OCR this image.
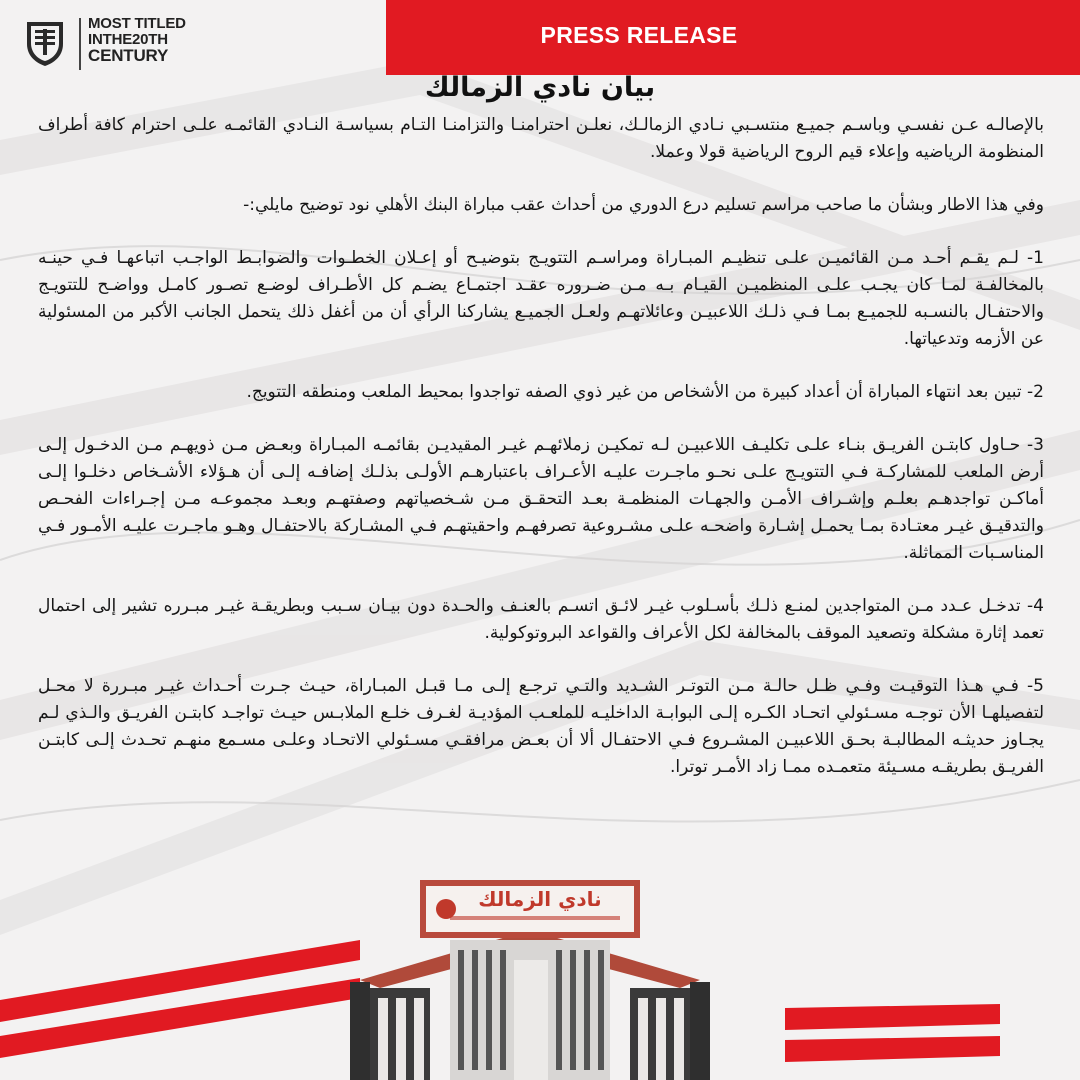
PRESS RELEASE
MOST TITLED
INTHE20TH
CENTURY
بيان نادي الزمالك

بالإصالـه عـن نفسـي وباسـم جميـع منتسـبي نـادي الزمالـك، نعلـن احترامنـا والتزامنـا التـام بسياسـة النـادي القائمـه علـى احترام كافة أطراف المنظومة الرياضيه وإعلاء قيم الروح الرياضية قولا وعملا.

وفي هذا الاطار وبشأن ما صاحب مراسم تسليم درع الدوري من أحداث عقب مباراة البنك الأهلي نود توضيح مايلي:-

1- لـم يقـم أحـد مـن القائميـن علـى تنظيـم المبـاراة ومراسـم التتويـج بتوضيـح أو إعـلان الخطـوات والضوابـط الواجـب اتباعهـا فـي حينـه بالمخالفـة لمـا كان يجـب علـى المنظميـن القيـام بـه مـن ضـروره عقـد اجتمـاع يضـم كل الأطـراف لوضـع تصـور كامـل وواضـح للتتويـج والاحتفـال بالنسـبه للجميـع بمـا فـي ذلـك اللاعبيـن وعائلاتهـم ولعـل الجميـع يشاركنا الرأي أن من أغفل ذلك يتحمل الجانب الأكبر من المسئولية عن الأزمه وتدعياتها.

2- تبين بعد انتهاء المباراة أن أعداد كبيرة من الأشخاص من غير ذوي الصفه تواجدوا بمحيط الملعب ومنطقه التتويج.

3- حـاول كابتـن الفريـق بنـاء علـى تكليـف اللاعبيـن لـه تمكيـن زملائهـم غيـر المقيديـن بقائمـه المبـاراة وبعـض مـن ذويهـم مـن الدخـول إلـى أرض الملعب للمشاركـة فـي التتويـج علـى نحـو ماجـرت عليـه الأعـراف باعتبارهـم الأولـى بذلـك إضافـه إلـى أن هـؤلاء الأشـخاص دخلـوا إلـى أماكـن تواجدهـم بعلـم وإشـراف الأمـن والجهـات المنظمـة بعـد التحقـق مـن شـخصياتهم وصفتهـم وبعـد مجموعـه مـن إجـراءات الفحـص والتدقيـق غيـر معتـادة بمـا يحمـل إشـارة واضحـه علـى مشـروعية تصرفهـم واحقيتهـم فـي المشـاركة بالاحتفـال وهـو ماجـرت عليـه الأمـور فـي المناسـبات المماثلة.

4- تدخـل عـدد مـن المتواجدين لمنـع ذلـك بأسـلوب غيـر لائـق اتسـم بالعنـف والحـدة دون بيـان سـبب وبطريقـة غيـر مبـرره تشير إلى احتمال تعمد إثارة مشكلة وتصعيد الموقف بالمخالفة لكل الأعراف والقواعد البروتوكولية.

5- فـي هـذا التوقيـت وفـي ظـل حالـة مـن التوتـر الشـديد والتـي ترجـع إلـى مـا قبـل المبـاراة، حيـث جـرت أحـداث غيـر مبـررة لا محـل لتفصيلهـا الأن توجـه مسـئولي اتحـاد الكـره إلـى البوابـة الداخليـه للملعـب المؤديـة لغـرف خلـع الملابـس حيـث تواجـد كابتـن الفريـق والـذي لـم يجـاوز حديثـه المطالبـة بحـق اللاعبيـن المشـروع فـي الاحتفـال ألا أن بعـض مرافقـي مسـئولي الاتحـاد وعلـى مسـمع منهـم تحـدث إلـى كابتـن الفريـق بطريقـه مسـيئة متعمـده ممـا زاد الأمـر توترا.

نادي الزمالك
